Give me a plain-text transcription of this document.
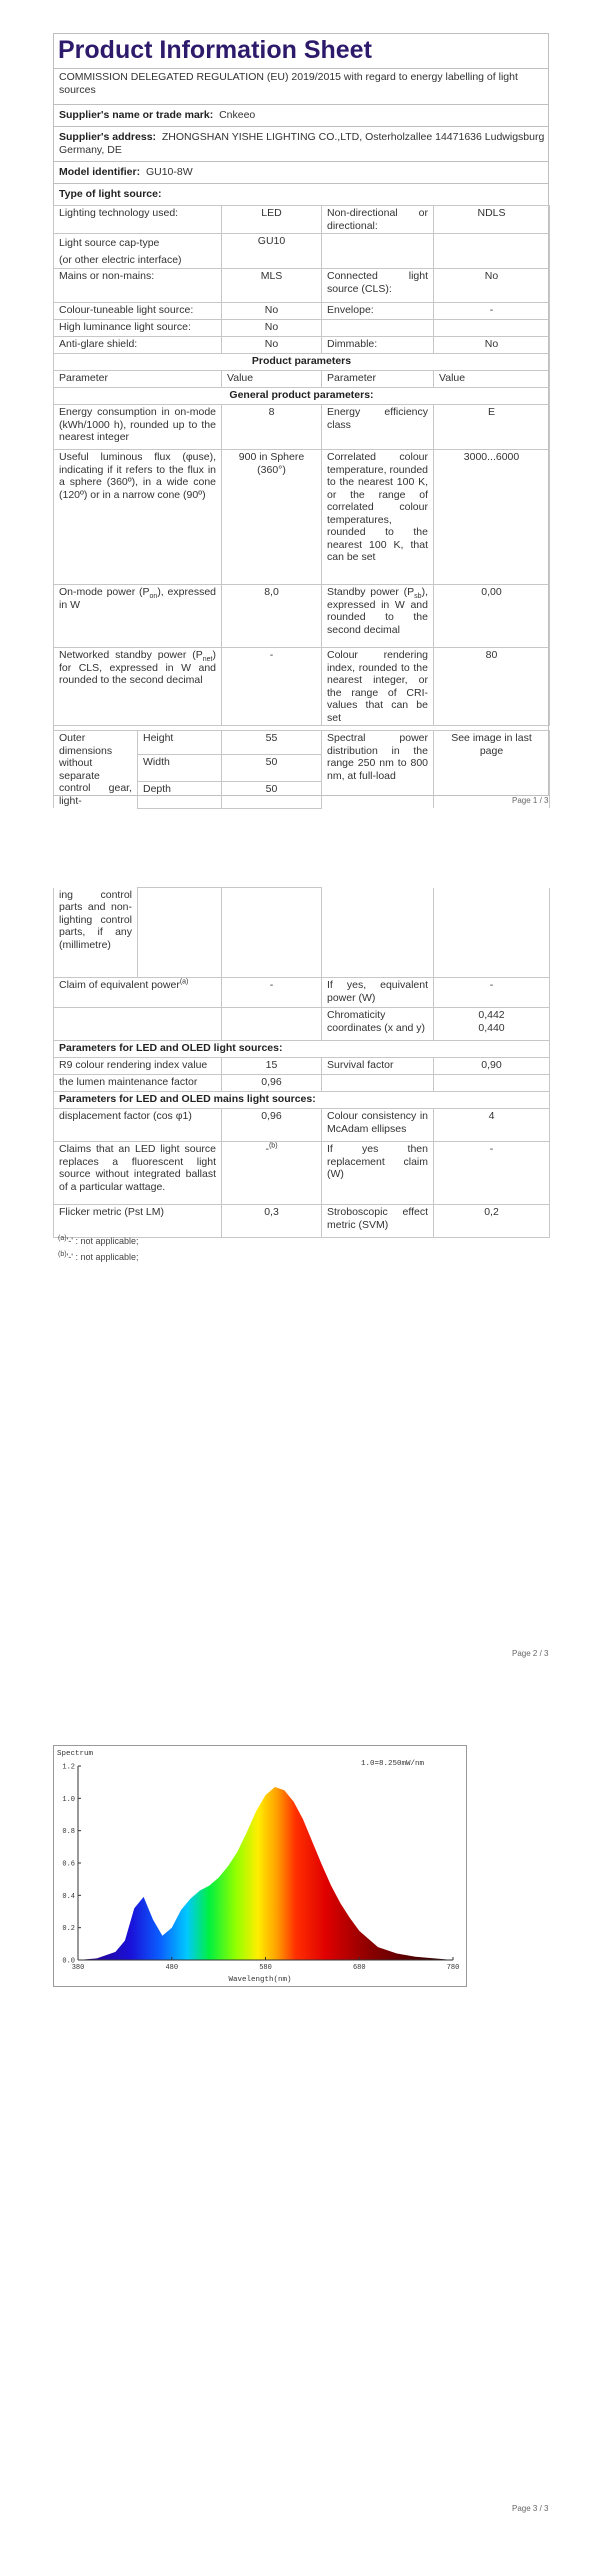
Product Information Sheet
COMMISSION DELEGATED REGULATION (EU) 2019/2015 with regard to energy labelling of light sources
Supplier's name or trade mark: Cnkeeo
Supplier's address: ZHONGSHAN YISHE LIGHTING CO.,LTD, Osterholzallee 14471636 Ludwigsburg Germany, DE
Model identifier: GU10-8W
Type of light source:
Lighting technology used:	LED	Non-directional or directional:	NDLS

Light source cap-type
(or other electric interface)	GU10		
Mains or non-mains:	MLS	Connected light source (CLS):	No
Colour-tuneable light source:	No	Envelope:	-
High luminance light source:	No		
Anti-glare shield:	No	Dimmable:	No
Product parameters			
Parameter	Value	Parameter	Value
General product parameters:			
Energy consumption in on-mode (kWh/1000 h), rounded up to the nearest integer	8	Energy efficiency class	E
Useful luminous flux (φuse), indicating if it refers to the flux in a sphere (360º), in a wide cone (120º) or in a narrow cone (90º)	900 in Sphere (360°)	Correlated colour temperature, rounded to the nearest 100 K, or the range of correlated colour temperatures, rounded to the nearest 100 K, that can be set	3000...6000
On-mode power $(P_{on})$, expressed in W	8,0	Standby power $(P_{sb})$, expressed in W and rounded to the second decimal	0,00
Networked standby power $(P_{net})$ for CLS, expressed in W and rounded to the second decimal	-	Colour rendering index, rounded to the nearest integer, or the range of CRI-values that can be set	80
Outer dimensions without separate control gear, light-	Height	55	Spectral power distribution in the range 250 nm to 800 nm, at full-load	See image in last page
	Width	50		
	Depth	50		
Page 1 / 3
ing control parts and non-lighting control parts, if any (millimetre)				
Claim of equivalent power$^{(a)}$	-	If yes, equivalent power (W)	-
		Chromaticity coordinates (x and y)	0,442
0,440

Parameters for LED and OLED light sources:			
R9 colour rendering index value	15	Survival factor	0,90
the lumen maintenance factor	0,96		
Parameters for LED and OLED mains light sources:			
displacement factor (cos φ1)	0,96	Colour consistency in McAdam ellipses	4
Claims that an LED light source replaces a fluorescent light source without integrated ballast of a particular wattage.	-$^{(b)}$	If yes then replacement claim (W)	-
Flicker metric (Pst LM)	0,3	Stroboscopic effect metric (SVM)	0,2
$^{(a)}$'-' : not applicable;
$^{(b)}$'-' : not applicable;
Page 2 / 3
Spectrum
1.0=8.250mW/nm
Wavelength(nm)
0.0
0.2
0.4
0.6
0.8
1.0
1.2
380	480	580	680	780
Page 3 / 3
